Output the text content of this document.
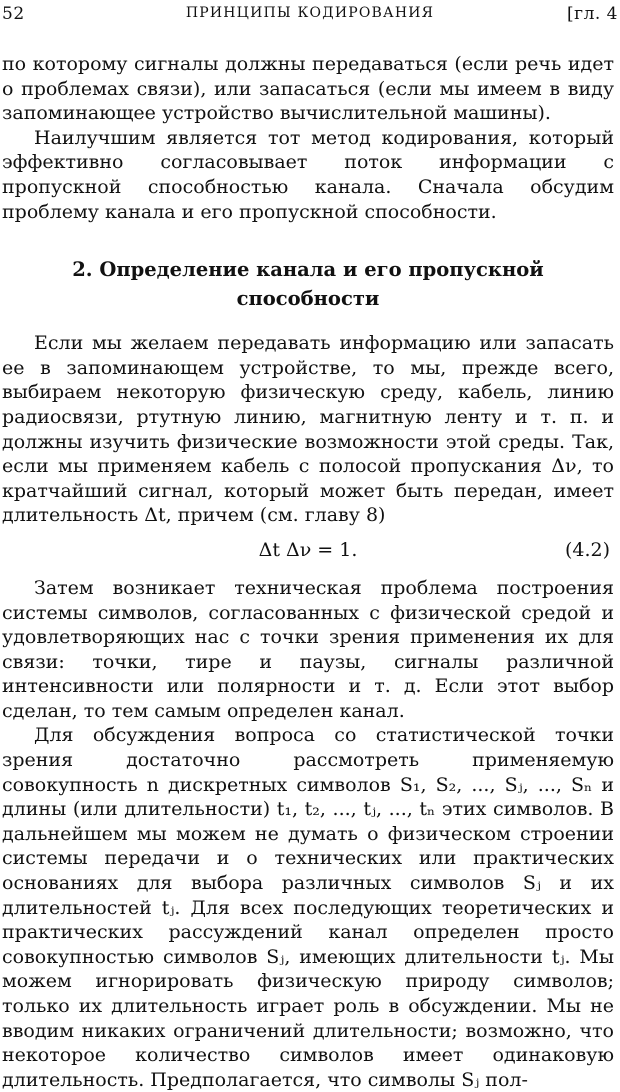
52	ПРИНЦИПЫ КОДИРОВАНИЯ	[гл. 4

по которому сигналы должны передаваться (если речь идет о проблемах связи), или запасаться (если мы имеем в виду запоминающее устройство вычислительной машины).

Наилучшим является тот метод кодирования, который эффективно согласовывает поток информации с пропускной способностью канала. Сначала обсудим проблему канала и его пропускной способности.

2. Определение канала и его пропускной способности

Если мы желаем передавать информацию или запасать ее в запоминающем устройстве, то мы, прежде всего, выбираем некоторую физическую среду, кабель, линию радиосвязи, ртутную линию, магнитную ленту и т. п. и должны изучить физические возможности этой среды. Так, если мы применяем кабель с полосой пропускания Δν, то кратчайший сигнал, который может быть передан, имеет длительность Δt, причем (см. главу 8)

Δt Δν = 1.	(4.2)

Затем возникает техническая проблема построения системы символов, согласованных с физической средой и удовлетворяющих нас с точки зрения применения их для связи: точки, тире и паузы, сигналы различной интенсивности или полярности и т. д. Если этот выбор сделан, то тем самым определен канал.

Для обсуждения вопроса со статистической точки зрения достаточно рассмотреть применяемую совокупность n дискретных символов S₁, S₂, ..., Sⱼ, ..., Sₙ и длины (или длительности) t₁, t₂, ..., tⱼ, ..., tₙ этих символов. В дальнейшем мы можем не думать о физическом строении системы передачи и о технических или практических основаниях для выбора различных символов Sⱼ и их длительностей tⱼ. Для всех последующих теоретических и практических рассуждений канал определен просто совокупностью символов Sⱼ, имеющих длительности tⱼ. Мы можем игнорировать физическую природу символов; только их длительность играет роль в обсуждении. Мы не вводим никаких ограничений длительности; возможно, что некоторое количество символов имеет одинаковую длительность. Предполагается, что символы Sⱼ пол-
